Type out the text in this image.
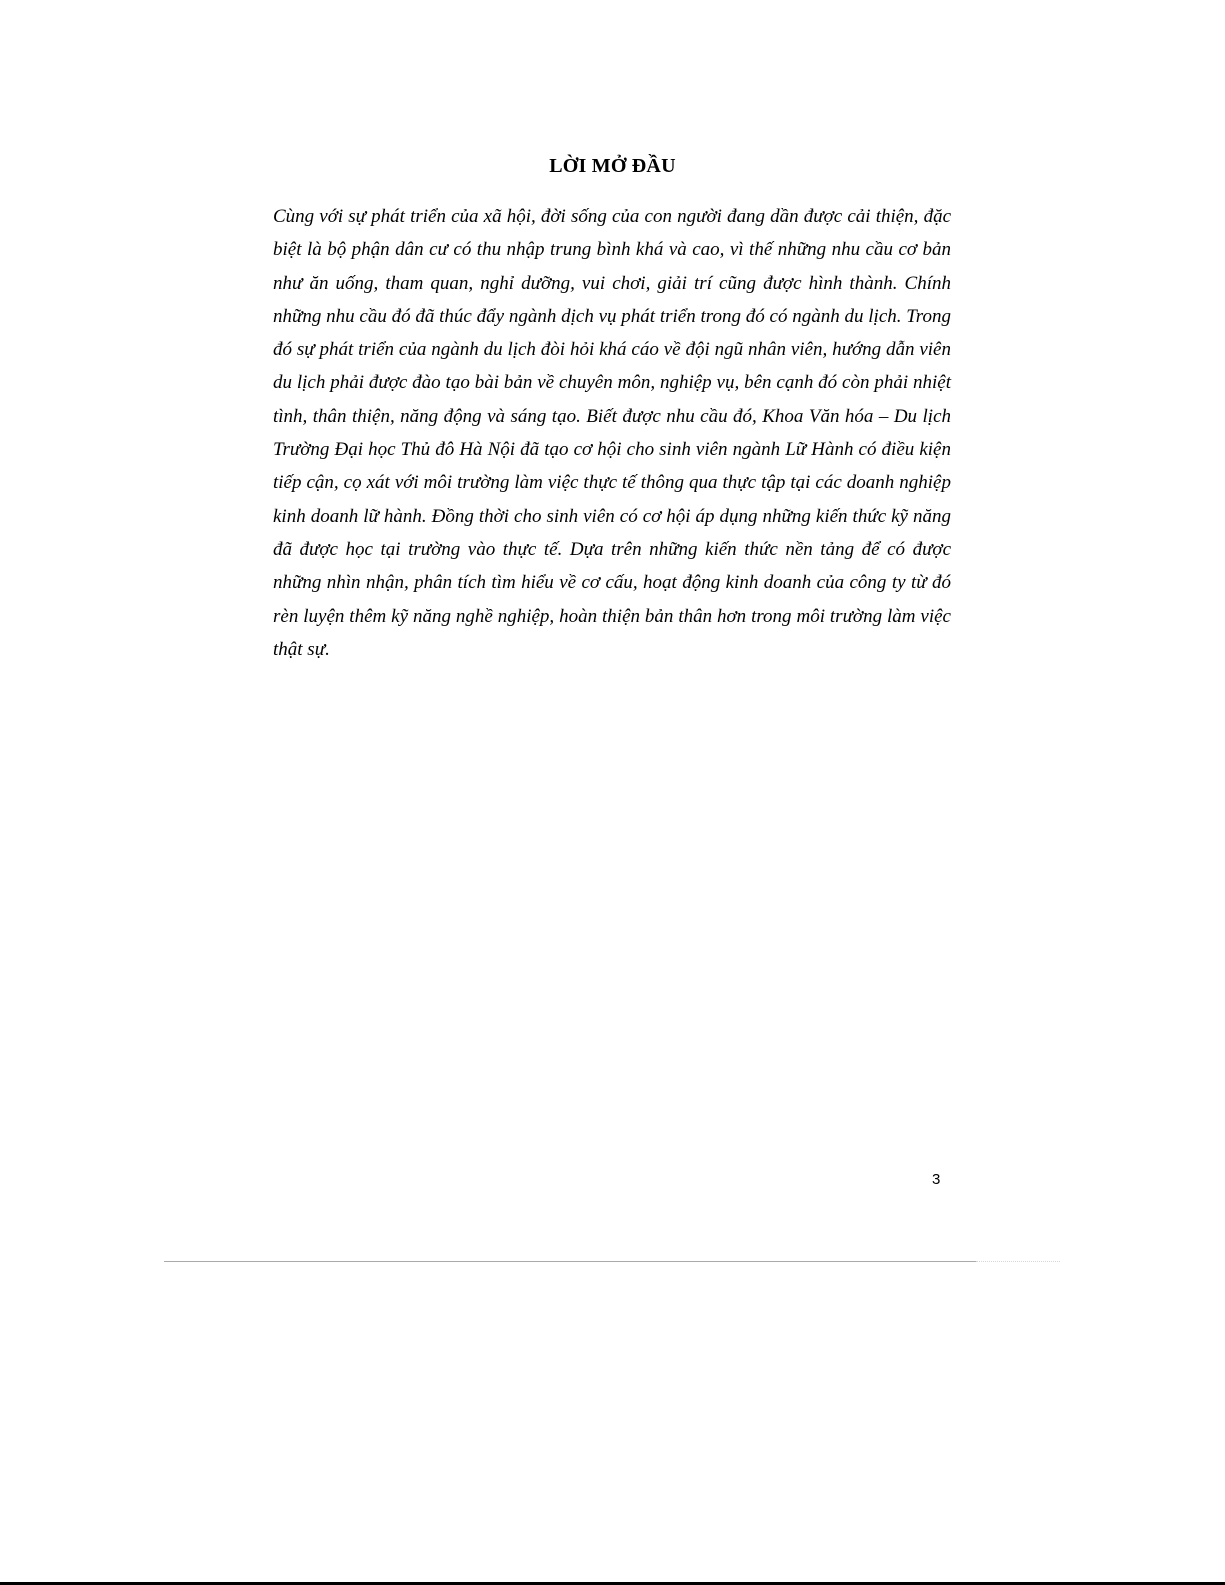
LỜI MỞ ĐẦU
Cùng với sự phát triển của xã hội, đời sống của con người đang dần được cải thiện, đặc biệt là bộ phận dân cư có thu nhập trung bình khá và cao, vì thế những nhu cầu cơ bản như ăn uống, tham quan, nghỉ dưỡng, vui chơi, giải trí cũng được hình thành. Chính những nhu cầu đó đã thúc đẩy ngành dịch vụ phát triển trong đó có ngành du lịch. Trong đó sự phát triển của ngành du lịch đòi hỏi khá cáo về đội ngũ nhân viên, hướng dẫn viên du lịch phải được đào tạo bài bản về chuyên môn, nghiệp vụ, bên cạnh đó còn phải nhiệt tình, thân thiện, năng động và sáng tạo. Biết được nhu cầu đó, Khoa Văn hóa – Du lịch Trường Đại học Thủ đô Hà Nội đã tạo cơ hội cho sinh viên ngành Lữ Hành có điều kiện tiếp cận, cọ xát với môi trường làm việc thực tế thông qua thực tập tại các doanh nghiệp kinh doanh lữ hành. Đồng thời cho sinh viên có cơ hội áp dụng những kiến thức kỹ năng đã được học tại trường vào thực tế. Dựa trên những kiến thức nền tảng để có được những nhìn nhận, phân tích tìm hiểu về cơ cấu, hoạt động kinh doanh của công ty từ đó rèn luyện thêm kỹ năng nghề nghiệp, hoàn thiện bản thân hơn trong môi trường làm việc thật sự.
3
